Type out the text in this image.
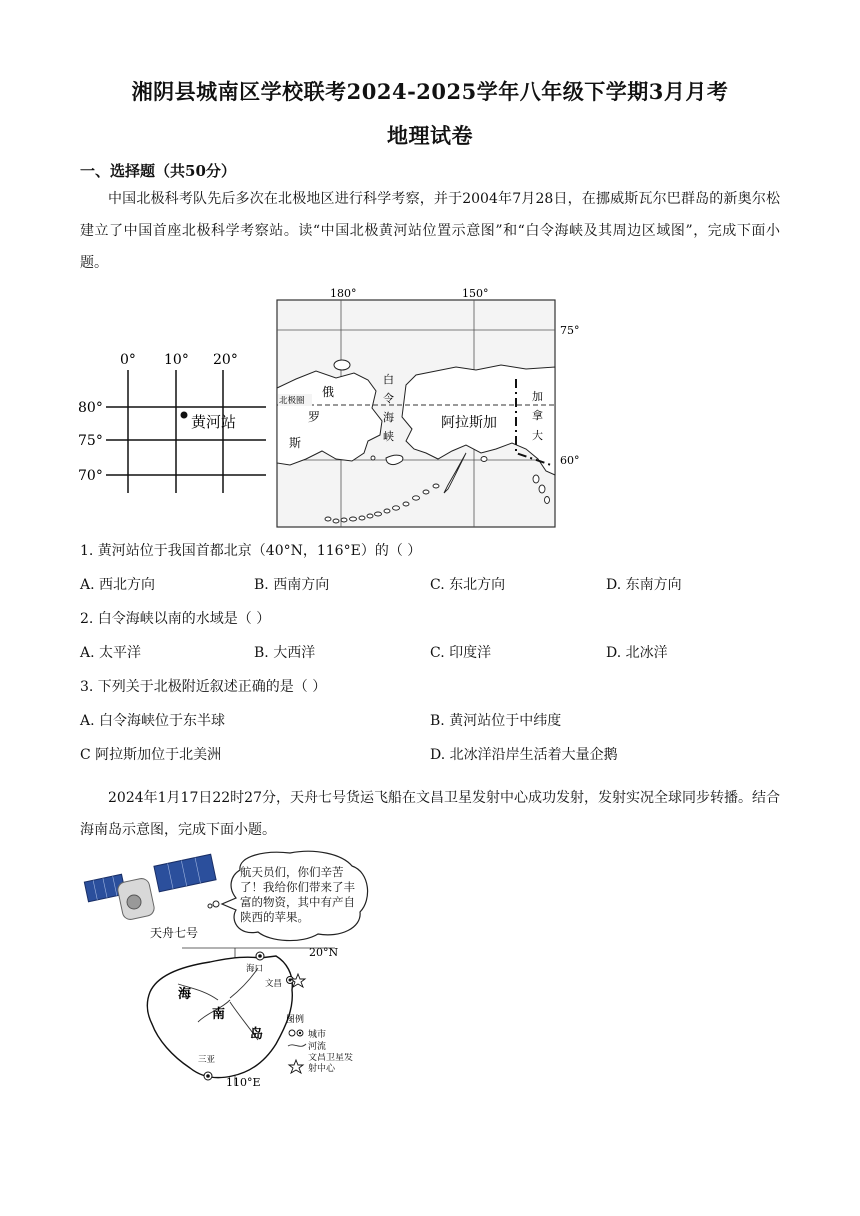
湘阴县城南区学校联考2024-2025学年八年级下学期3月月考
地理试卷
一、选择题（共50分）
中国北极科考队先后多次在北极地区进行科学考察，并于2004年7月28日，在挪威斯瓦尔巴群岛的新奥尔松建立了中国首座北极科学考察站。读“中国北极黄河站位置示意图”和“白令海峡及其周边区域图”，完成下面小题。
0° 10° 20°
80°
75°
70°
黄河站
180°	150°
北极圈
俄
罗
斯
白
令
海
峡
阿拉斯加
加
拿
大
75°
60°
1. 黄河站位于我国首都北京（40°N，116°E）的（ ）
A. 西北方向	B. 西南方向	C. 东北方向	D. 东南方向
2. 白令海峡以南的水域是（ ）
A. 太平洋	B. 大西洋	C. 印度洋	D. 北冰洋
3. 下列关于北极附近叙述正确的是（ ）
A. 白令海峡位于东半球	B. 黄河站位于中纬度
C 阿拉斯加位于北美洲	D. 北冰洋沿岸生活着大量企鹅
2024年1月17日22时27分，天舟七号货运飞船在文昌卫星发射中心成功发射，发射实况全球同步转播。结合海南岛示意图，完成下面小题。
天舟七号
海口
文昌
三亚
20°N
110°E
海
南
岛
图例
城市
河流
文昌卫星发射中心
航天员们，你们辛苦了！我给你们带来了丰富的物资，其中有产自陕西的苹果。
